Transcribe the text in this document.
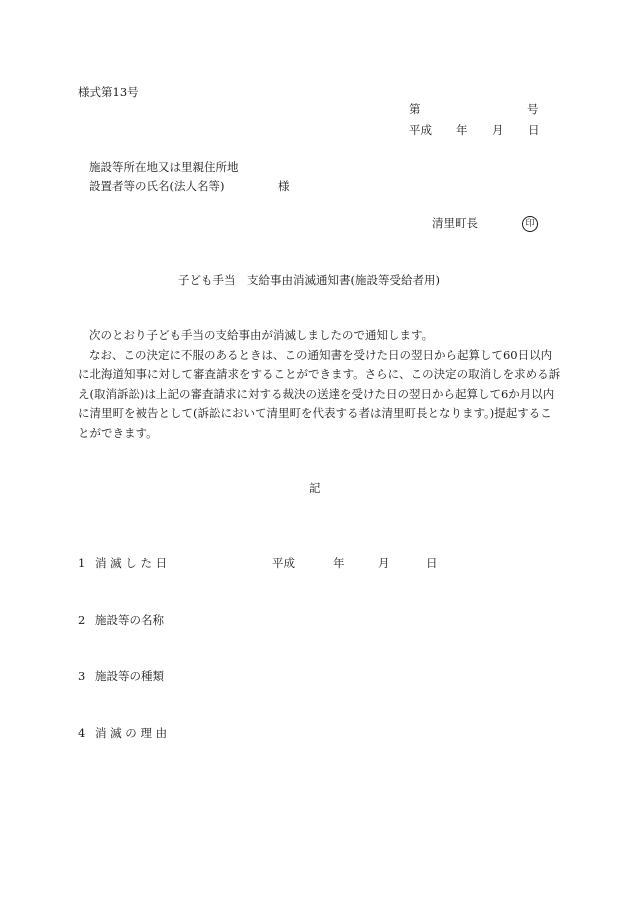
様式第13号
第	号
平成 年 月 日
施設等所在地又は里親住所地
設置者等の氏名(法人名等)	様
清里町長	印
子ども手当　支給事由消滅通知書(施設等受給者用)

次のとおり子ども手当の支給事由が消滅しましたので通知します。

なお、この決定に不服のあるときは、この通知書を受けた日の翌日から起算して60日以内に北海道知事に対して審査請求をすることができます。さらに、この決定の取消しを求める訴え(取消訴訟)は上記の審査請求に対する裁決の送達を受けた日の翌日から起算して6か月以内に清里町を被告として(訴訟において清里町を代表する者は清里町長となります。)提起することができます。

記
1 消 滅 し た 日	平成	年	月	日
2 施設等の名称
3 施設等の種類
4 消 滅 の 理 由
